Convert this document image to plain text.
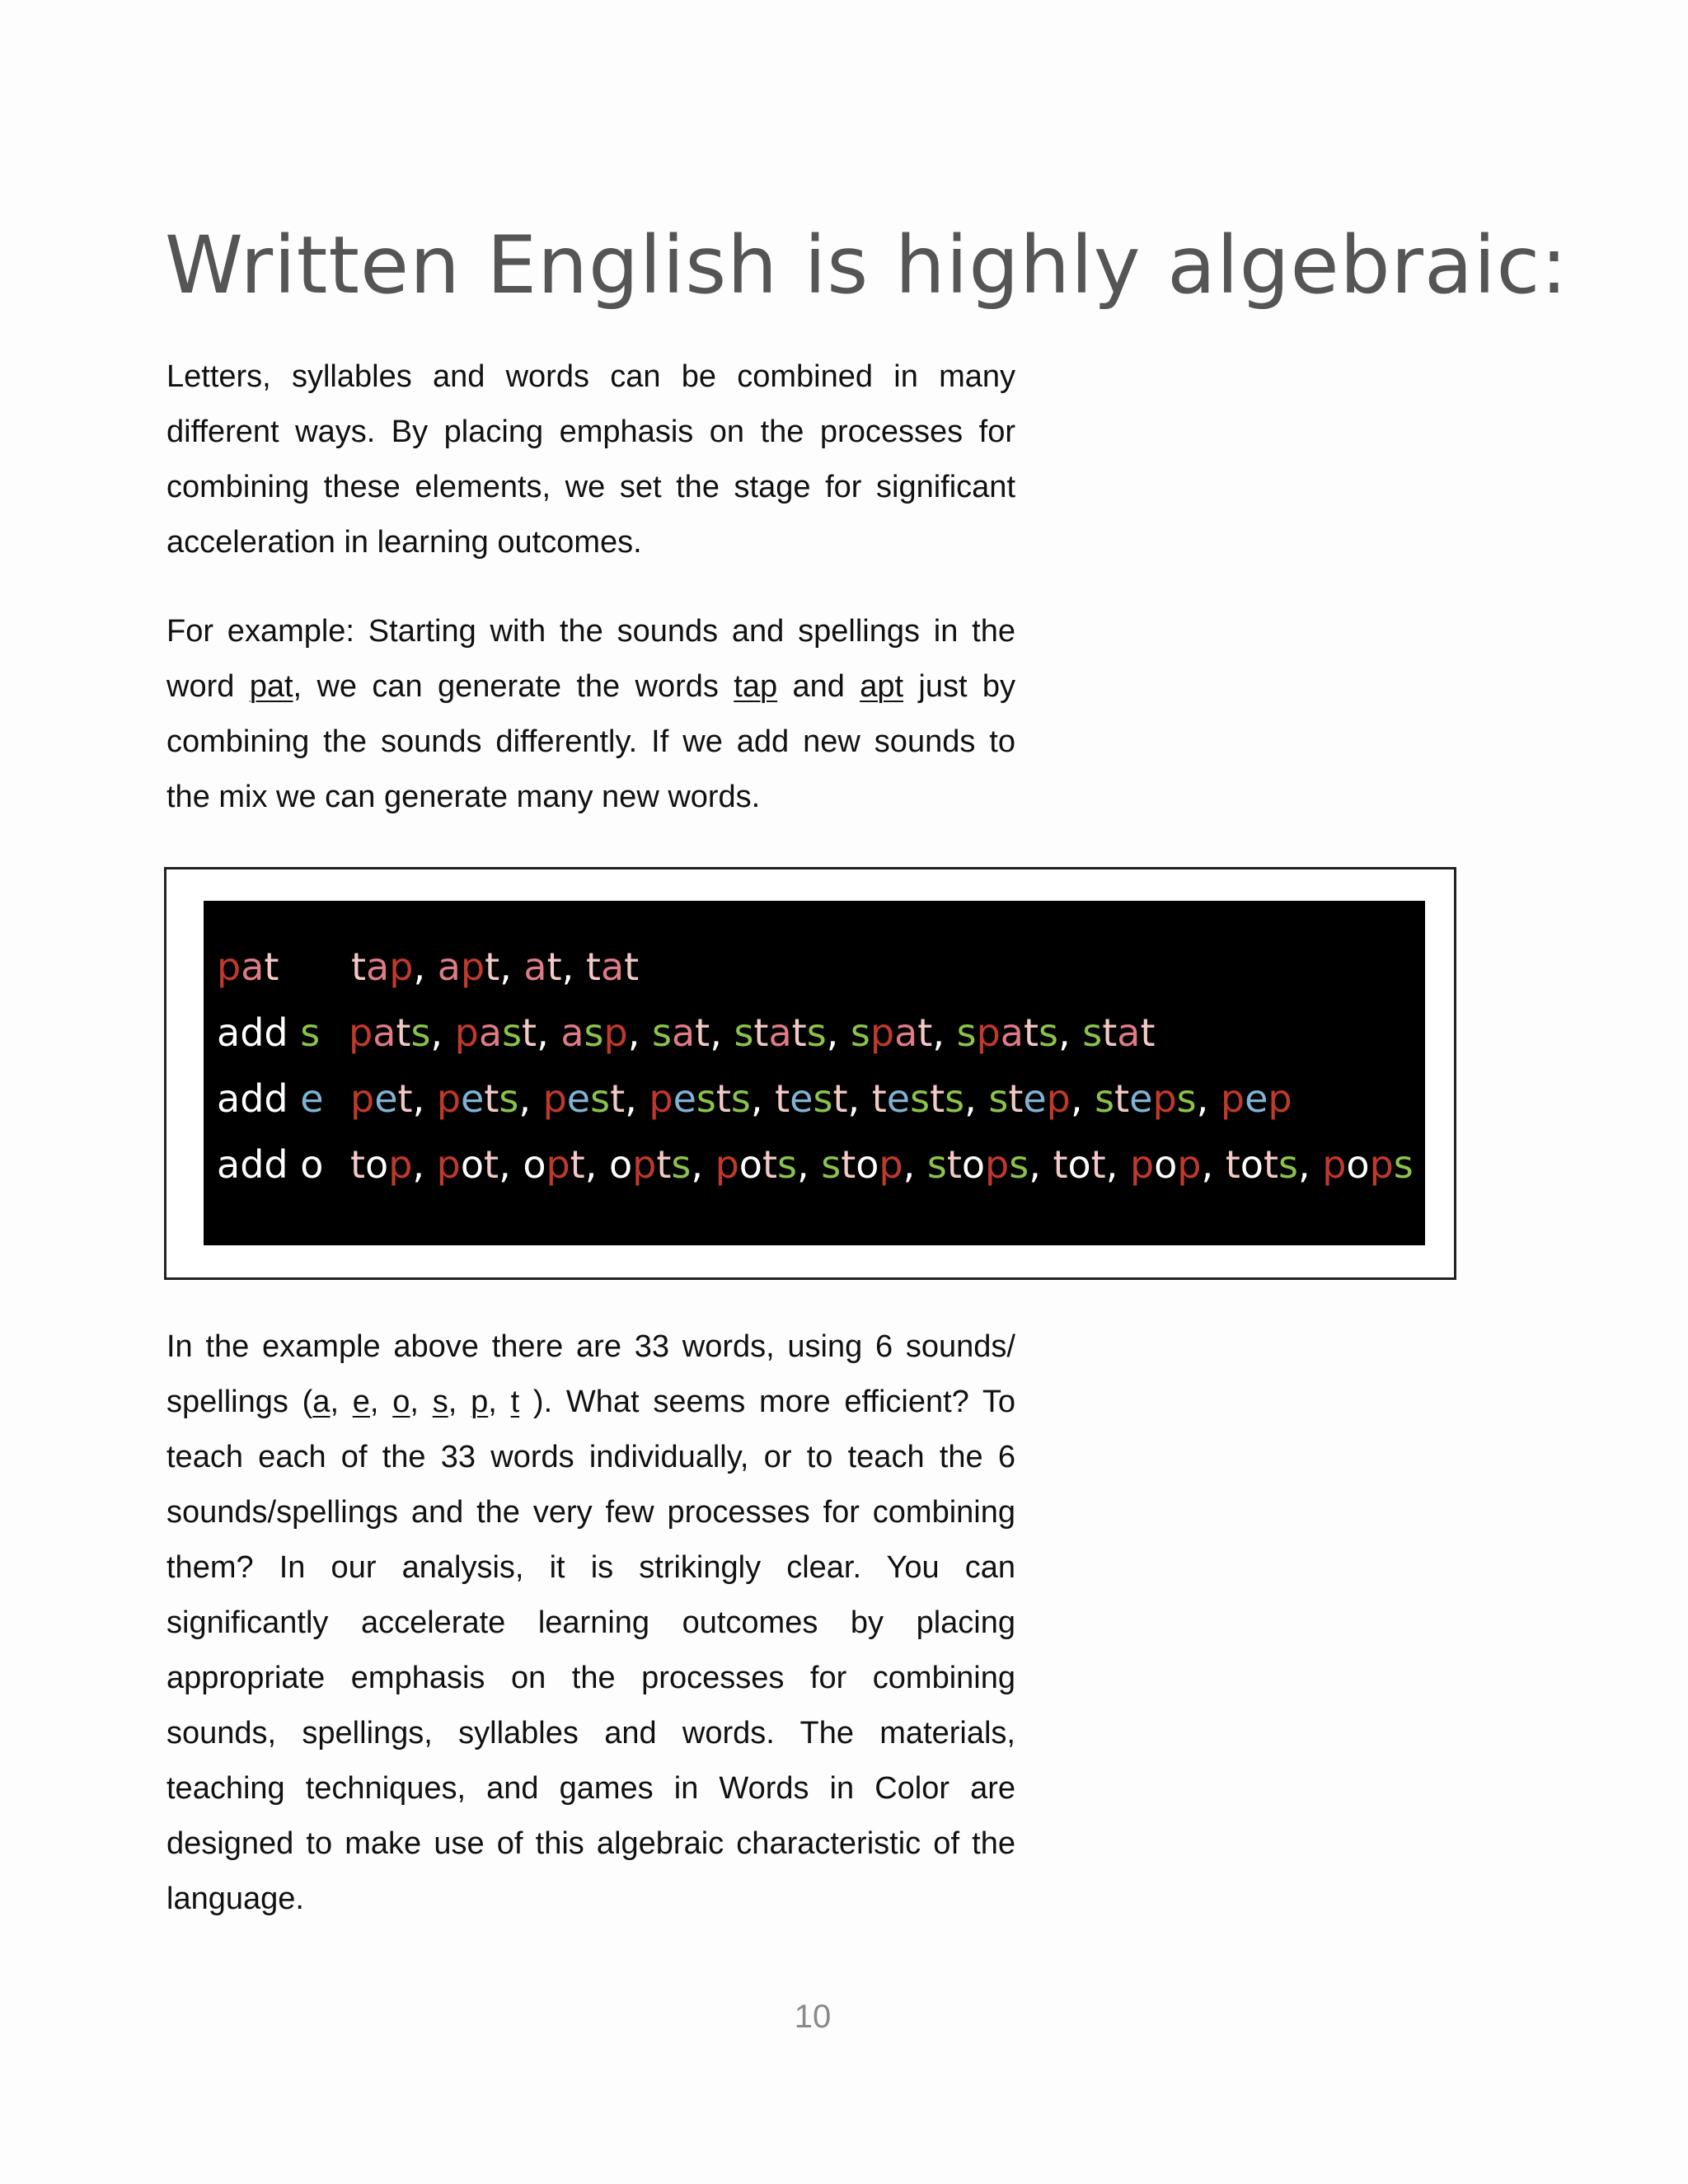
Written English is highly algebraic:

Letters, syllables and words can be combined in many different ways. By placing emphasis on the processes for combining these elements, we set the stage for significant acceleration in learning outcomes.

For example: Starting with the sounds and spellings in the word pat, we can generate the words tap and apt just by combining the sounds differently. If we add new sounds to the mix we can generate many new words.

pat tap, apt, at, tat
add s pats, past, asp, sat, stats, spat, spats, stat
add e pet, pets, pest, pests, test, tests, step, steps, pep
add o top, pot, opt, opts, pots, stop, stops, tot, pop, tots, pops

In the example above there are 33 words, using 6 sounds/ spellings (a, e, o, s, p, t ). What seems more efficient? To teach each of the 33 words individually, or to teach the 6 sounds/spellings and the very few processes for combining them? In our analysis, it is strikingly clear. You can significantly accelerate learning outcomes by placing appropriate emphasis on the processes for combining sounds, spellings, syllables and words. The materials, teaching techniques, and games in Words in Color are designed to make use of this algebraic characteristic of the language.

10
